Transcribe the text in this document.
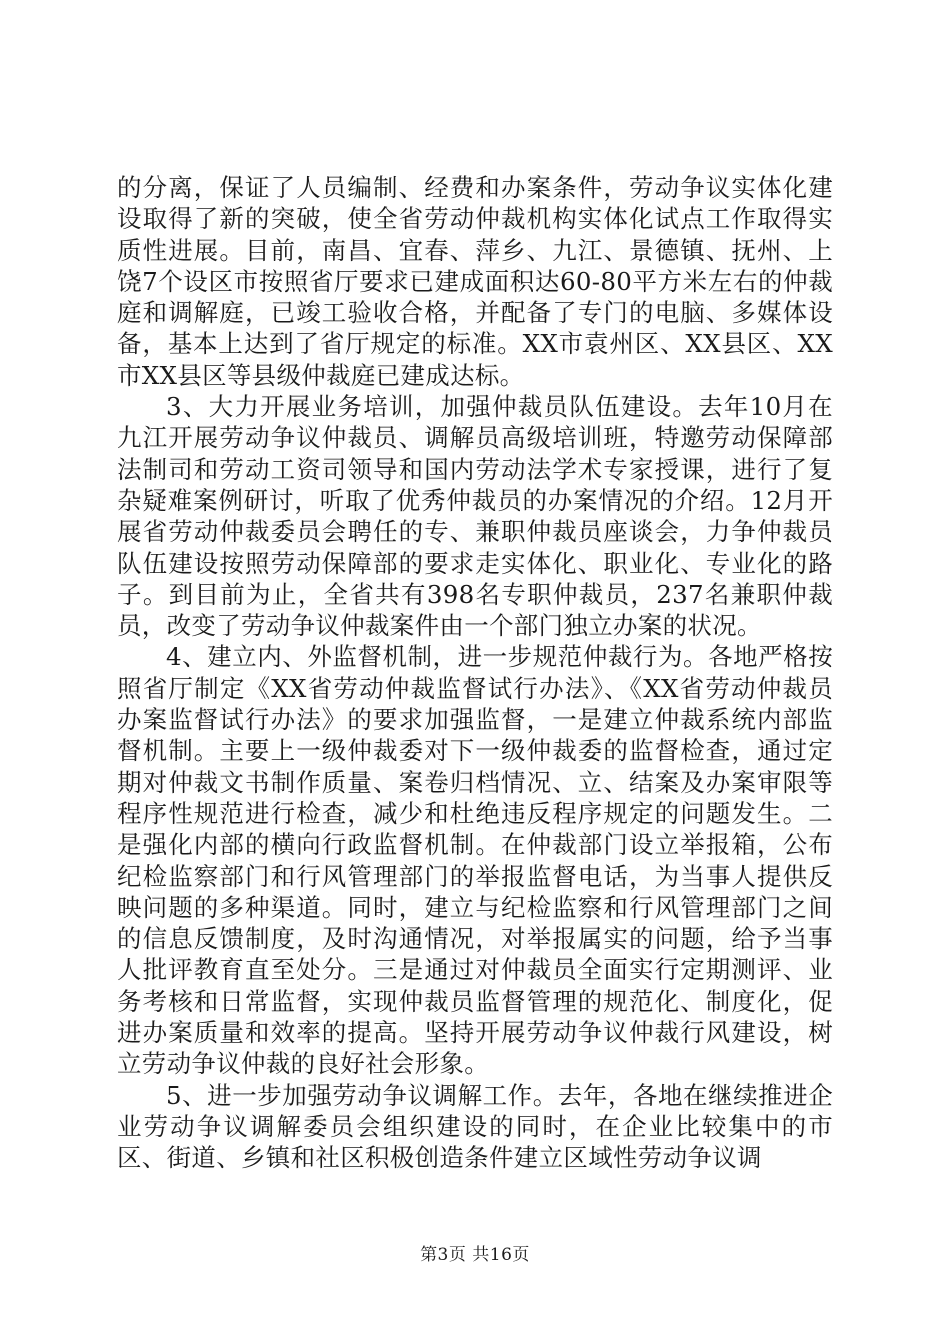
的分离，保证了人员编制、经费和办案条件，劳动争议实体化建设取得了新的突破，使全省劳动仲裁机构实体化试点工作取得实质性进展。目前，南昌、宜春、萍乡、九江、景德镇、抚州、上饶7个设区市按照省厅要求已建成面积达60-80平方米左右的仲裁庭和调解庭，已竣工验收合格，并配备了专门的电脑、多媒体设备，基本上达到了省厅规定的标准。XX市袁州区、XX县区、XX市XX县区等县级仲裁庭已建成达标。

3、大力开展业务培训，加强仲裁员队伍建设。去年10月在九江开展劳动争议仲裁员、调解员高级培训班，特邀劳动保障部法制司和劳动工资司领导和国内劳动法学术专家授课，进行了复杂疑难案例研讨，听取了优秀仲裁员的办案情况的介绍。12月开展省劳动仲裁委员会聘任的专、兼职仲裁员座谈会，力争仲裁员队伍建设按照劳动保障部的要求走实体化、职业化、专业化的路子。到目前为止，全省共有398名专职仲裁员，237名兼职仲裁员，改变了劳动争议仲裁案件由一个部门独立办案的状况。

4、建立内、外监督机制，进一步规范仲裁行为。各地严格按照省厅制定《XX省劳动仲裁监督试行办法》、《XX省劳动仲裁员办案监督试行办法》的要求加强监督，一是建立仲裁系统内部监督机制。主要上一级仲裁委对下一级仲裁委的监督检查，通过定期对仲裁文书制作质量、案卷归档情况、立、结案及办案审限等程序性规范进行检查，减少和杜绝违反程序规定的问题发生。二是强化内部的横向行政监督机制。在仲裁部门设立举报箱，公布纪检监察部门和行风管理部门的举报监督电话，为当事人提供反映问题的多种渠道。同时，建立与纪检监察和行风管理部门之间的信息反馈制度，及时沟通情况，对举报属实的问题，给予当事人批评教育直至处分。三是通过对仲裁员全面实行定期测评、业务考核和日常监督，实现仲裁员监督管理的规范化、制度化，促进办案质量和效率的提高。坚持开展劳动争议仲裁行风建设，树立劳动争议仲裁的良好社会形象。

5、进一步加强劳动争议调解工作。去年，各地在继续推进企业劳动争议调解委员会组织建设的同时，在企业比较集中的市区、街道、乡镇和社区积极创造条件建立区域性劳动争议调

第3页 共16页
